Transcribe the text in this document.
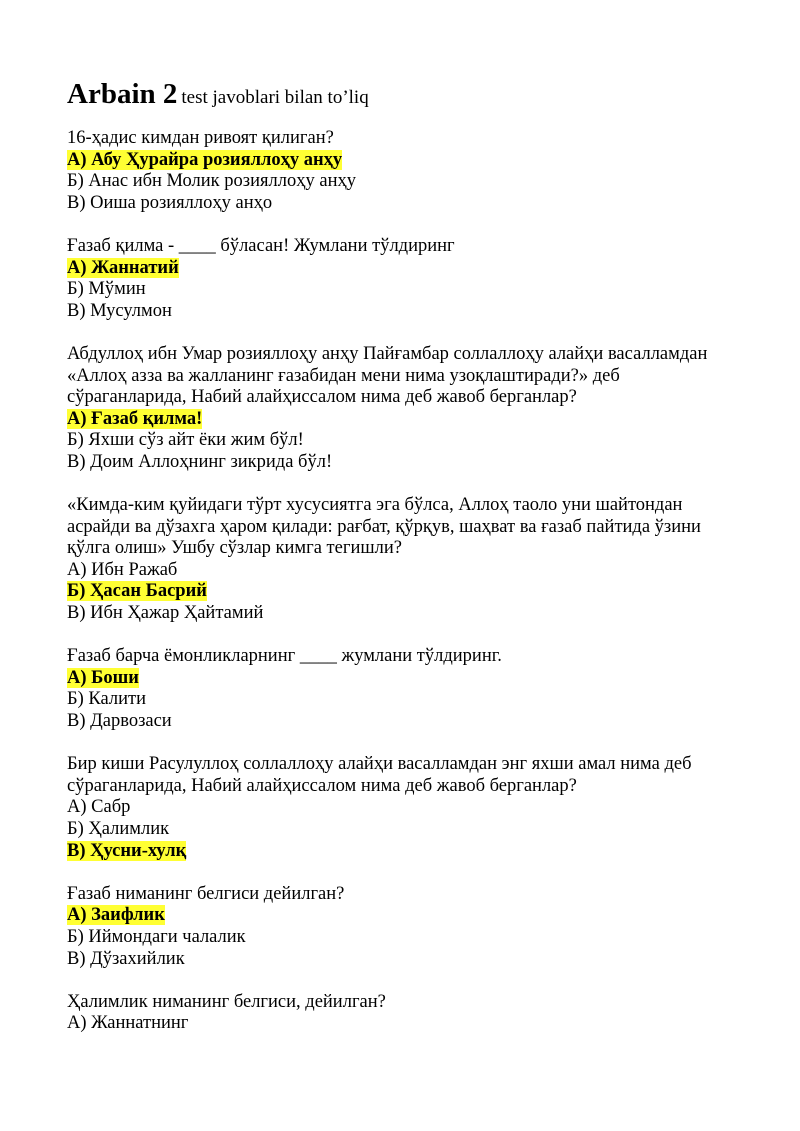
Arbain 2 test javoblari bilan to’liq
16-ҳадис кимдан ривоят қилиган?
А) Абу Ҳурайра розияллоҳу анҳу
Б) Анас ибн Молик розияллоҳу анҳу
В) Оиша розияллоҳу анҳо
Ғазаб қилма - ____ бўласан! Жумлани тўлдиринг
А) Жаннатий
Б) Мўмин
В) Мусулмон
Абдуллоҳ ибн Умар розияллоҳу анҳу Пайғамбар соллаллоҳу алайҳи васалламдан
«Аллоҳ азза ва жалланинг ғазабидан мени нима узоқлаштиради?» деб
сўраганларида, Набий алайҳиссалом нима деб жавоб берганлар?
А) Ғазаб қилма!
Б) Яхши сўз айт ёки жим бўл!
В) Доим Аллоҳнинг зикрида бўл!
«Кимда-ким қуйидаги тўрт хусусиятга эга бўлса, Аллоҳ таоло уни шайтондан
асрайди ва дўзахга ҳаром қилади: рағбат, қўрқув, шаҳват ва ғазаб пайтида ўзини
қўлга олиш» Ушбу сўзлар кимга тегишли?
А) Ибн Ражаб
Б) Ҳасан Басрий
В) Ибн Ҳажар Ҳайтамий
Ғазаб барча ёмонликларнинг ____ жумлани тўлдиринг.
А) Боши
Б) Калити
В) Дарвозаси
Бир киши Расулуллоҳ соллаллоҳу алайҳи васалламдан энг яхши амал нима деб
сўраганларида, Набий алайҳиссалом нима деб жавоб берганлар?
А) Сабр
Б) Ҳалимлик
В) Ҳусни-хулқ
Ғазаб ниманинг белгиси дейилган?
А) Заифлик
Б) Иймондаги чалалик
В) Дўзахийлик
Ҳалимлик ниманинг белгиси, дейилган?
А) Жаннатнинг
